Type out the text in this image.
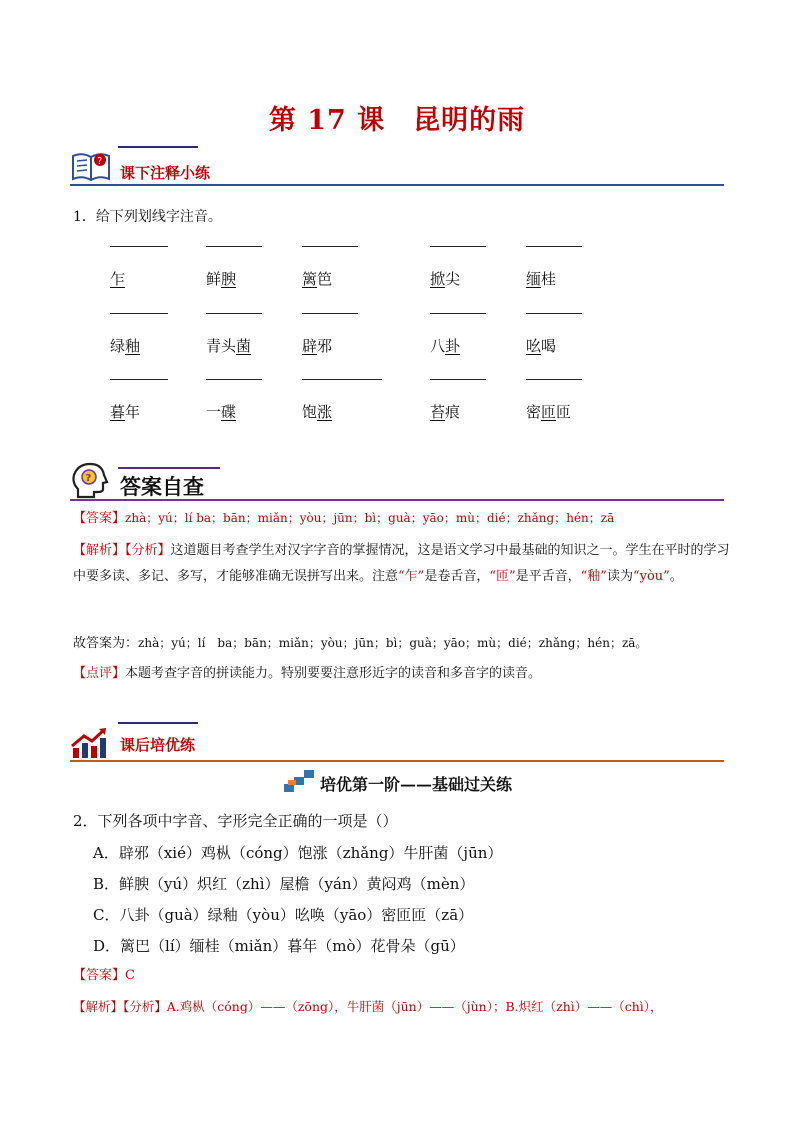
第 17 课　昆明的雨
?
课下注释小练
1．给下列划线字注音。
乍	鲜腴	篱笆	掀尖	缅桂
绿釉	青头菌	辟邪	八卦	吆喝
暮年	一碟	饱涨	苔痕	密匝匝
? 答案自查
【答案】zhà；yú；lí ba；bān；miǎn；yòu；jūn；bì；guà；yāo；mù；dié；zhǎng；hén；zā
【解析】【分析】这道题目考查学生对汉字字音的掌握情况，这是语文学习中最基础的知识之一。学生在平时的学习中要多读、多记、多写，才能够准确无误拼写出来。注意“乍”是卷舌音，“匝”是平舌音，“釉”读为“yòu”。
故答案为：zhà；yú；lí　ba；bān；miǎn；yòu；jūn；bì；guà；yāo；mù；dié；zhǎng；hén；zā。
【点评】本题考查字音的拼读能力。特别要要注意形近字的读音和多音字的读音。
课后培优练
培优第一阶——基础过关练
2．下列各项中字音、字形完全正确的一项是（）
A．辟邪（xié）鸡枞（cóng）饱涨（zhǎng）牛肝菌（jūn）
B．鲜腴（yú）炽红（zhì）屋檐（yán）黄闷鸡（mèn）
C．八卦（guà）绿釉（yòu）吆唤（yāo）密匝匝（zā）
D．篱巴（lí）缅桂（miǎn）暮年（mò）花骨朵（gū）
【答案】C
【解析】【分析】A.鸡枞（cóng）——（zōng），牛肝菌（jūn）——（jùn）；B.炽红（zhì）——（chì），
